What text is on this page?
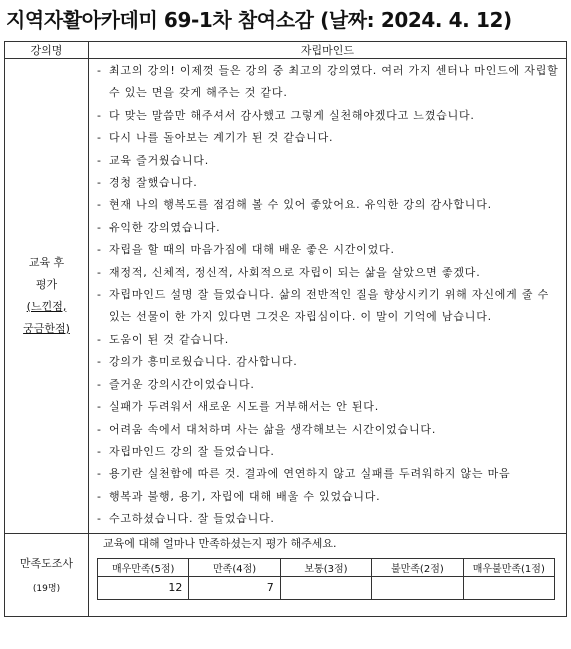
지역자활아카데미 69-1차 참여소감 (날짜: 2024. 4. 12)
강의명	자립마인드

교육 후
평가
(느낀점,
궁금한점)

- 최고의 강의! 이제껏 들은 강의 중 최고의 강의였다. 여러 가지 센터나 마인드에 자립할 수 있는 면을 갖게 해주는 것 같다.
- 다 맞는 말씀만 해주셔서 감사했고 그렇게 실천해야겠다고 느꼈습니다.
- 다시 나를 돌아보는 계기가 된 것 같습니다.
- 교육 즐거웠습니다.
- 경청 잘했습니다.
- 현재 나의 행복도를 점검해 볼 수 있어 좋았어요. 유익한 강의 감사합니다.
- 유익한 강의였습니다.
- 자립을 할 때의 마음가짐에 대해 배운 좋은 시간이었다.
- 재정적, 신체적, 정신적, 사회적으로 자립이 되는 삶을 살았으면 좋겠다.
- 자립마인드 설명 잘 들었습니다. 삶의 전반적인 질을 향상시키기 위해 자신에게 줄 수 있는 선물이 한 가지 있다면 그것은 자립심이다. 이 말이 기억에 남습니다.
- 도움이 된 것 같습니다.
- 강의가 흥미로웠습니다. 감사합니다.
- 즐거운 강의시간이었습니다.
- 실패가 두려워서 새로운 시도를 거부해서는 안 된다.
- 어려움 속에서 대처하며 사는 삶을 생각해보는 시간이었습니다.
- 자립마인드 강의 잘 들었습니다.
- 용기란 실천함에 따른 것. 결과에 연연하지 않고 실패를 두려워하지 않는 마음
- 행복과 불행, 용기, 자립에 대해 배울 수 있었습니다.
- 수고하셨습니다. 잘 들었습니다.

만족도조사
(19명)

교육에 대해 얼마나 만족하셨는지 평가 해주세요.
매우만족(5점)	만족(4점)	보통(3점)	불만족(2점)	매우불만족(1점)
12	7			
